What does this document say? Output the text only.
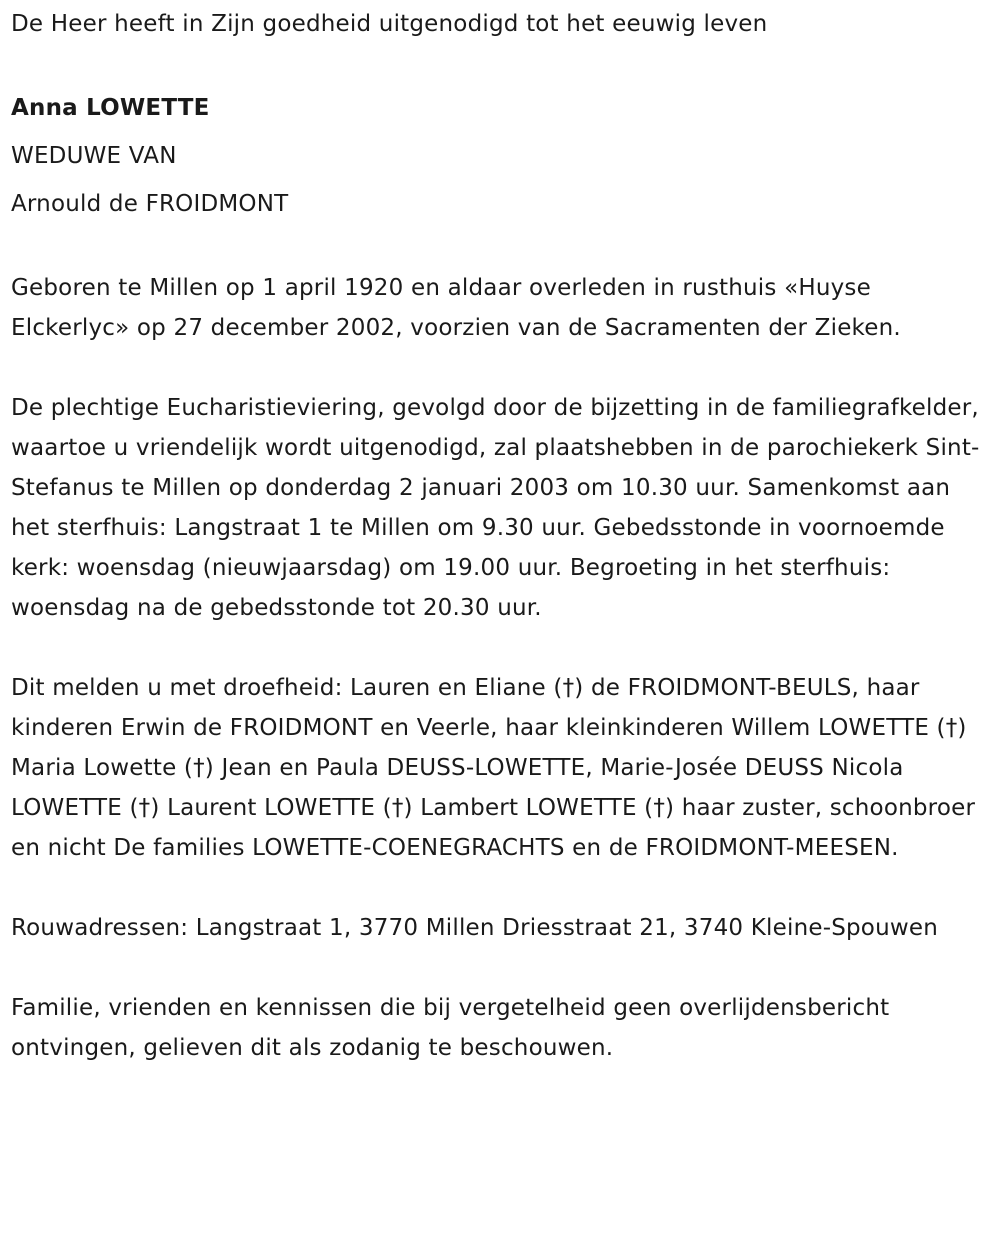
De Heer heeft in Zijn goedheid uitgenodigd tot het eeuwig leven

Anna LOWETTE

WEDUWE VAN

Arnould de FROIDMONT

Geboren te Millen op 1 april 1920 en aldaar overleden in rusthuis «Huyse Elckerlyc» op 27 december 2002, voorzien van de Sacramenten der Zieken.

De plechtige Eucharistieviering, gevolgd door de bijzetting in de familiegrafkelder, waartoe u vriendelijk wordt uitgenodigd, zal plaatshebben in de parochiekerk Sint-Stefanus te Millen op donderdag 2 januari 2003 om 10.30 uur. Samenkomst aan het sterfhuis: Langstraat 1 te Millen om 9.30 uur. Gebedsstonde in voornoemde kerk: woensdag (nieuwjaarsdag) om 19.00 uur. Begroeting in het sterfhuis: woensdag na de gebedsstonde tot 20.30 uur.

Dit melden u met droefheid: Lauren en Eliane (†) de FROIDMONT-BEULS, haar kinderen Erwin de FROIDMONT en Veerle, haar kleinkinderen Willem LOWETTE (†) Maria Lowette (†) Jean en Paula DEUSS-LOWETTE, Marie-Josée DEUSS Nicola LOWETTE (†) Laurent LOWETTE (†) Lambert LOWETTE (†) haar zuster, schoonbroer en nicht De families LOWETTE-COENEGRACHTS en de FROIDMONT-MEESEN.

Rouwadressen: Langstraat 1, 3770 Millen Driesstraat 21, 3740 Kleine-Spouwen

Familie, vrienden en kennissen die bij vergetelheid geen overlijdensbericht ontvingen, gelieven dit als zodanig te beschouwen.
